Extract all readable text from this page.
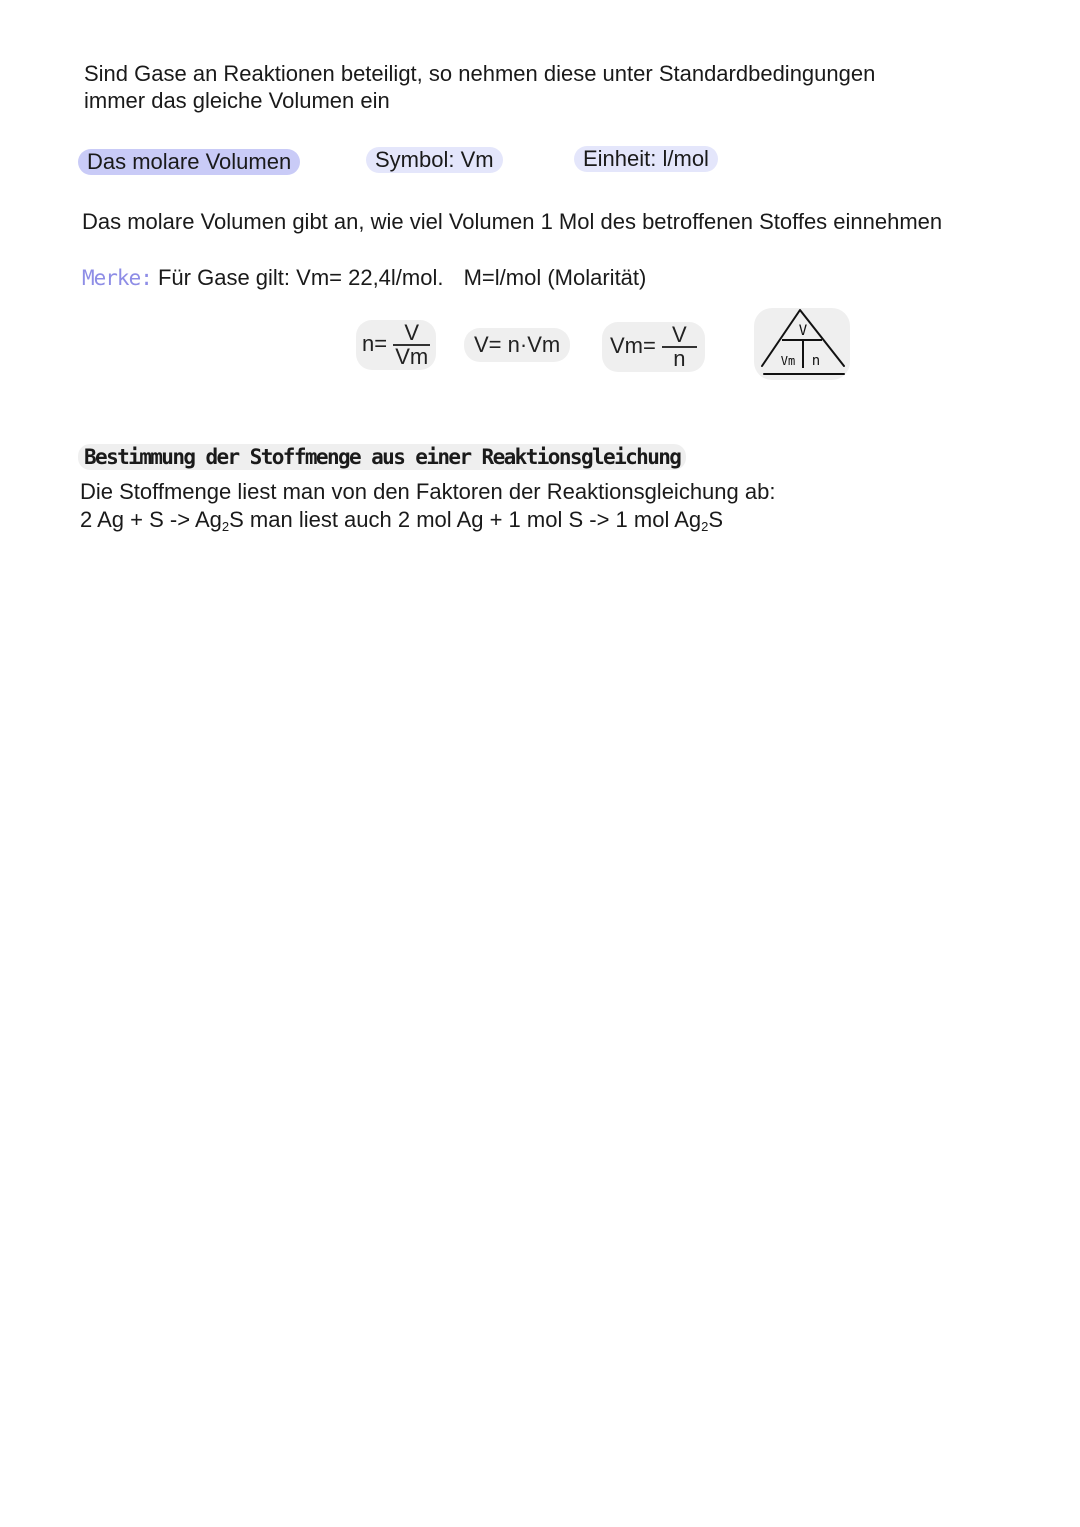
Sind Gase an Reaktionen beteiligt, so nehmen diese unter Standardbedingungen
immer das gleiche Volumen ein
Das molare Volumen	Symbol: Vm	Einheit: l/mol
Das molare Volumen gibt an, wie viel Volumen 1 Mol des betroffenen Stoffes einnehmen
Merke: Für Gase gilt: Vm= 22,4l/mol. M=l/mol (Molarität)
$n= \frac{V}{Vm}$	V= n·Vm	$Vm= \frac{V}{n}$	V
Vm n
Bestimmung der Stoffmenge aus einer Reaktionsgleichung
Die Stoffmenge liest man von den Faktoren der Reaktionsgleichung ab:
2 $Ag + S -> Ag_2S$ man liest auch 2 mol Ag + 1 mol S -> 1 mol $Ag_2S$
